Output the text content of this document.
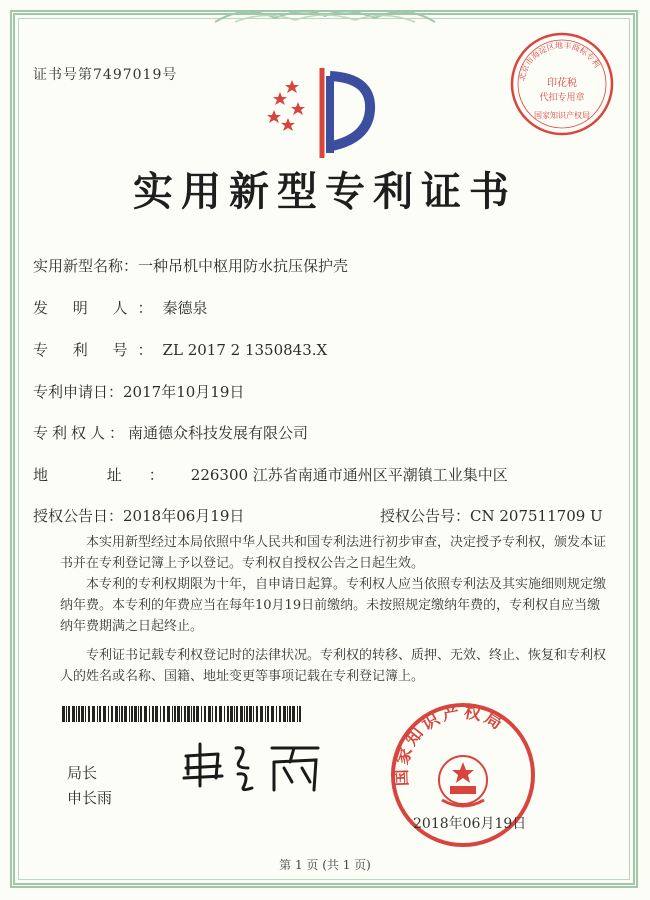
证书号第7497019号	北京市海淀区地丰商标专利
印花税
代扣专用章
国家知识产权局
实用新型专利证书
实用新型名称：一种吊机中枢用防水抗压保护壳
发 明 人：秦德泉
专 利 号：ZL 2017 2 1350843.X
专利申请日：2017年10月19日
专利权人：南通德众科技发展有限公司
地 址：226300 江苏省南通市通州区平潮镇工业集中区
授权公告日：2018年06月19日	授权公告号：CN 207511709 U

本实用新型经过本局依照中华人民共和国专利法进行初步审查，决定授予专利权，颁发本证书并在专利登记簿上予以登记。专利权自授权公告之日起生效。

本专利的专利权期限为十年，自申请日起算。专利权人应当依照专利法及其实施细则规定缴纳年费。本专利的年费应当在每年10月19日前缴纳。未按照规定缴纳年费的，专利权自应当缴纳年费期满之日起终止。

专利证书记载专利权登记时的法律状况。专利权的转移、质押、无效、终止、恢复和专利权人的姓名或名称、国籍、地址变更等事项记载在专利登记簿上。

局长
申长雨
国家知识产权局
2018年06月19日
第 1 页 (共 1 页)
